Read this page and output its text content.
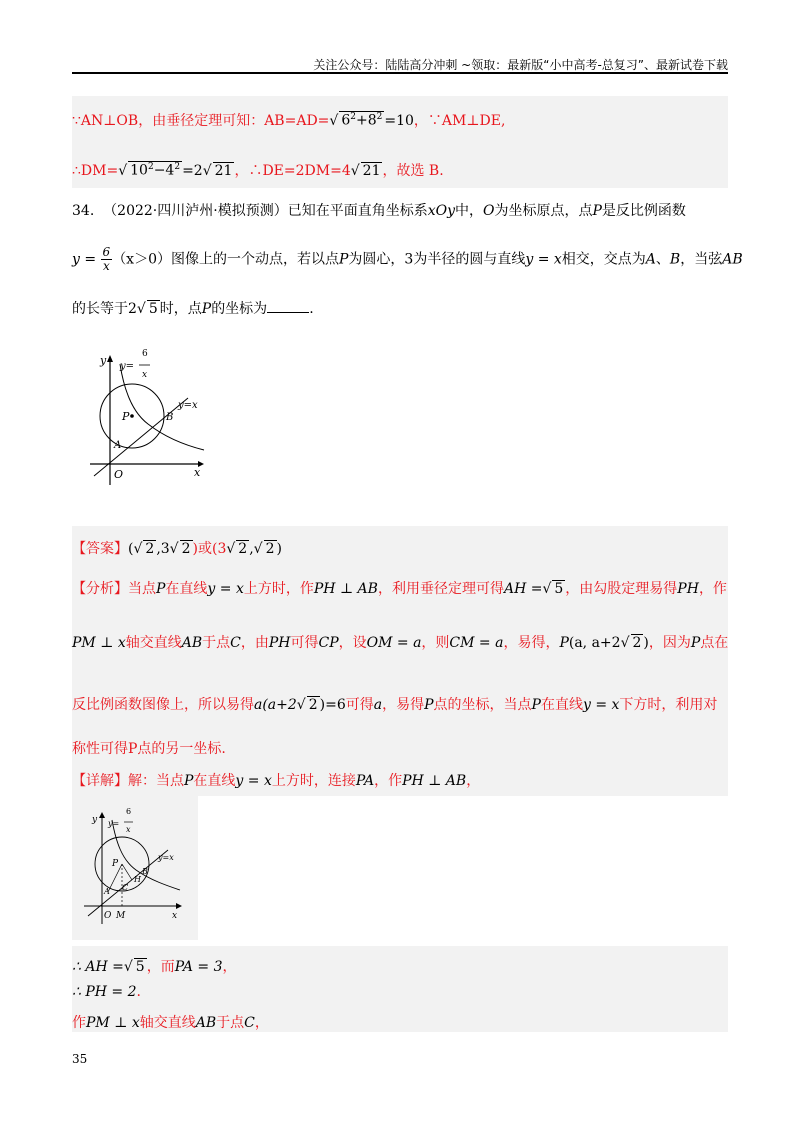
关注公众号：陆陆高分冲刺 ~领取：最新版“小中高考-总复习”、最新试卷下载
∵AN⊥OB，由垂径定理可知：AB=AD=√ $6^2+8^2 =10$，∵AM⊥DE,
∴DM=√ $10^2-4^2 =2√$ 21 ，∴DE=2DM=4√ 21 ，故选 B.
34. （2022·四川泸州·模拟预测）已知在平面直角坐标系xOy中，O为坐标原点，点P是反比例函数
$y = \frac{6}{x} (x>0)$图像上的一个动点，若以点P为圆心，3为半径的圆与直线y = x相交，交点为A、B，当弦AB
的长等于2√ 5 时，点P的坐标为	.
P
A
B
O
y
x
y=
6
x
y=x
【答案】(√ 2 ,3√ 2 )或(3√ 2 ,√ 2 )
【分析】当点P在直线y = x上方时，作PH ⊥ AB，利用垂径定理可得AH =√ 5 ，由勾股定理易得PH，作
PM ⊥ x轴交直线AB于点C，由PH可得CP，设OM = a，则CM = a，易得，P(a, a+2√ 2 )，因为P点在
反比例函数图像上，所以易得a(a+2√ 2 )=6可得a，易得P点的坐标，当点P在直线y = x下方时，利用对
称性可得P点的另一坐标.
【详解】解：当点P在直线y = x上方时，连接PA，作PH ⊥ AB，
P
A
B
C
H
O M
y
x
y=
6
x
y=x
∴ AH =√ 5 ，而PA = 3，
∴ PH = 2.
作PM ⊥ x轴交直线AB于点C，
35
